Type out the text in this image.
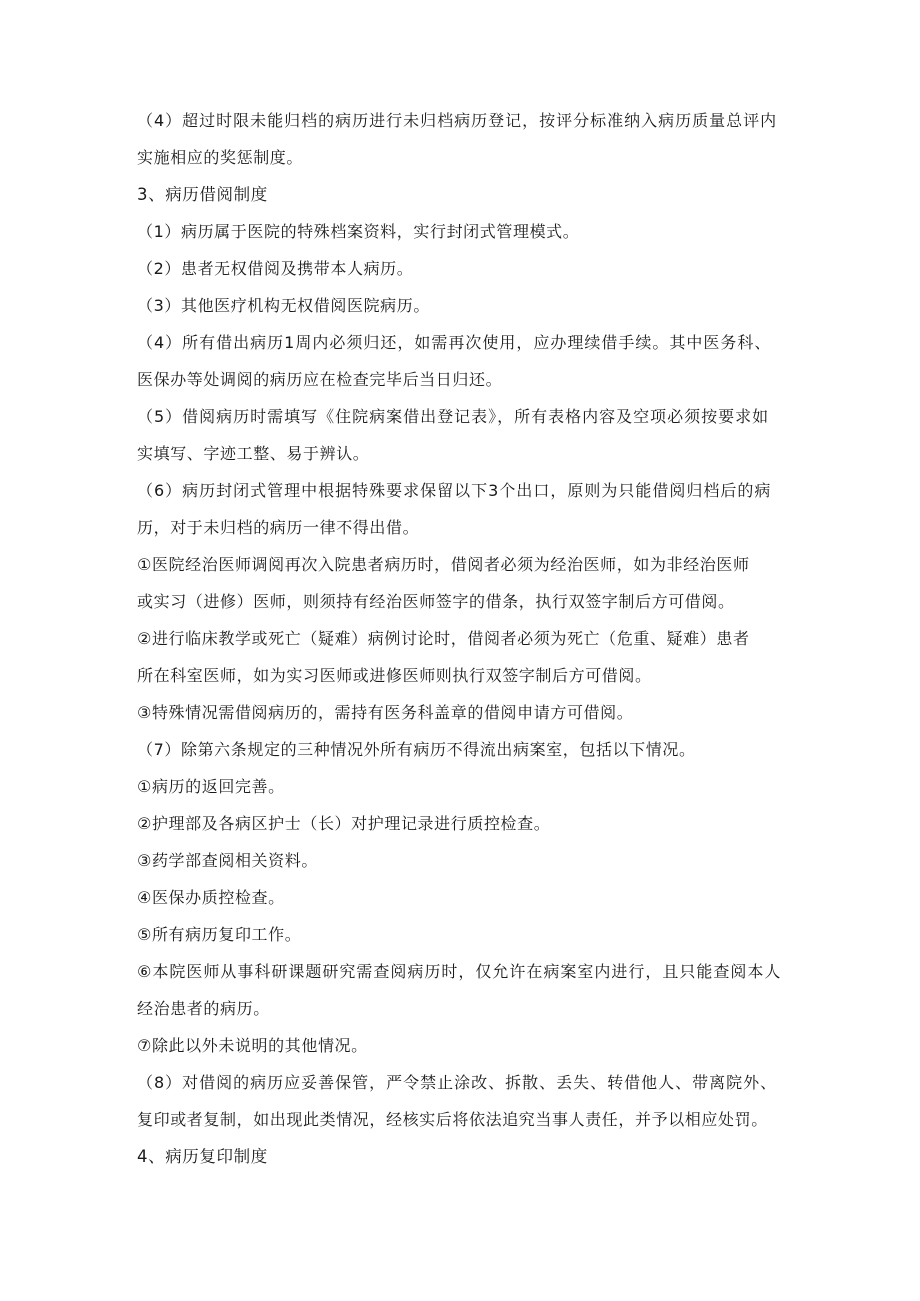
（4）超过时限未能归档的病历进行未归档病历登记，按评分标准纳入病历质量总评内
实施相应的奖惩制度。
3、病历借阅制度
（1）病历属于医院的特殊档案资料，实行封闭式管理模式。
（2）患者无权借阅及携带本人病历。
（3）其他医疗机构无权借阅医院病历。
（4）所有借出病历1周内必须归还，如需再次使用，应办理续借手续。其中医务科、
医保办等处调阅的病历应在检查完毕后当日归还。
（5）借阅病历时需填写《住院病案借出登记表》，所有表格内容及空项必须按要求如
实填写、字迹工整、易于辨认。
（6）病历封闭式管理中根据特殊要求保留以下3个出口，原则为只能借阅归档后的病
历，对于未归档的病历一律不得出借。
①医院经治医师调阅再次入院患者病历时，借阅者必须为经治医师，如为非经治医师
或实习（进修）医师，则须持有经治医师签字的借条，执行双签字制后方可借阅。
②进行临床教学或死亡（疑难）病例讨论时，借阅者必须为死亡（危重、疑难）患者
所在科室医师，如为实习医师或进修医师则执行双签字制后方可借阅。
③特殊情况需借阅病历的，需持有医务科盖章的借阅申请方可借阅。
（7）除第六条规定的三种情况外所有病历不得流出病案室，包括以下情况。
①病历的返回完善。
②护理部及各病区护士（长）对护理记录进行质控检查。
③药学部查阅相关资料。
④医保办质控检查。
⑤所有病历复印工作。
⑥本院医师从事科研课题研究需查阅病历时，仅允许在病案室内进行，且只能查阅本人
经治患者的病历。
⑦除此以外未说明的其他情况。
（8）对借阅的病历应妥善保管，严令禁止涂改、拆散、丢失、转借他人、带离院外、
复印或者复制，如出现此类情况，经核实后将依法追究当事人责任，并予以相应处罚。
4、病历复印制度
